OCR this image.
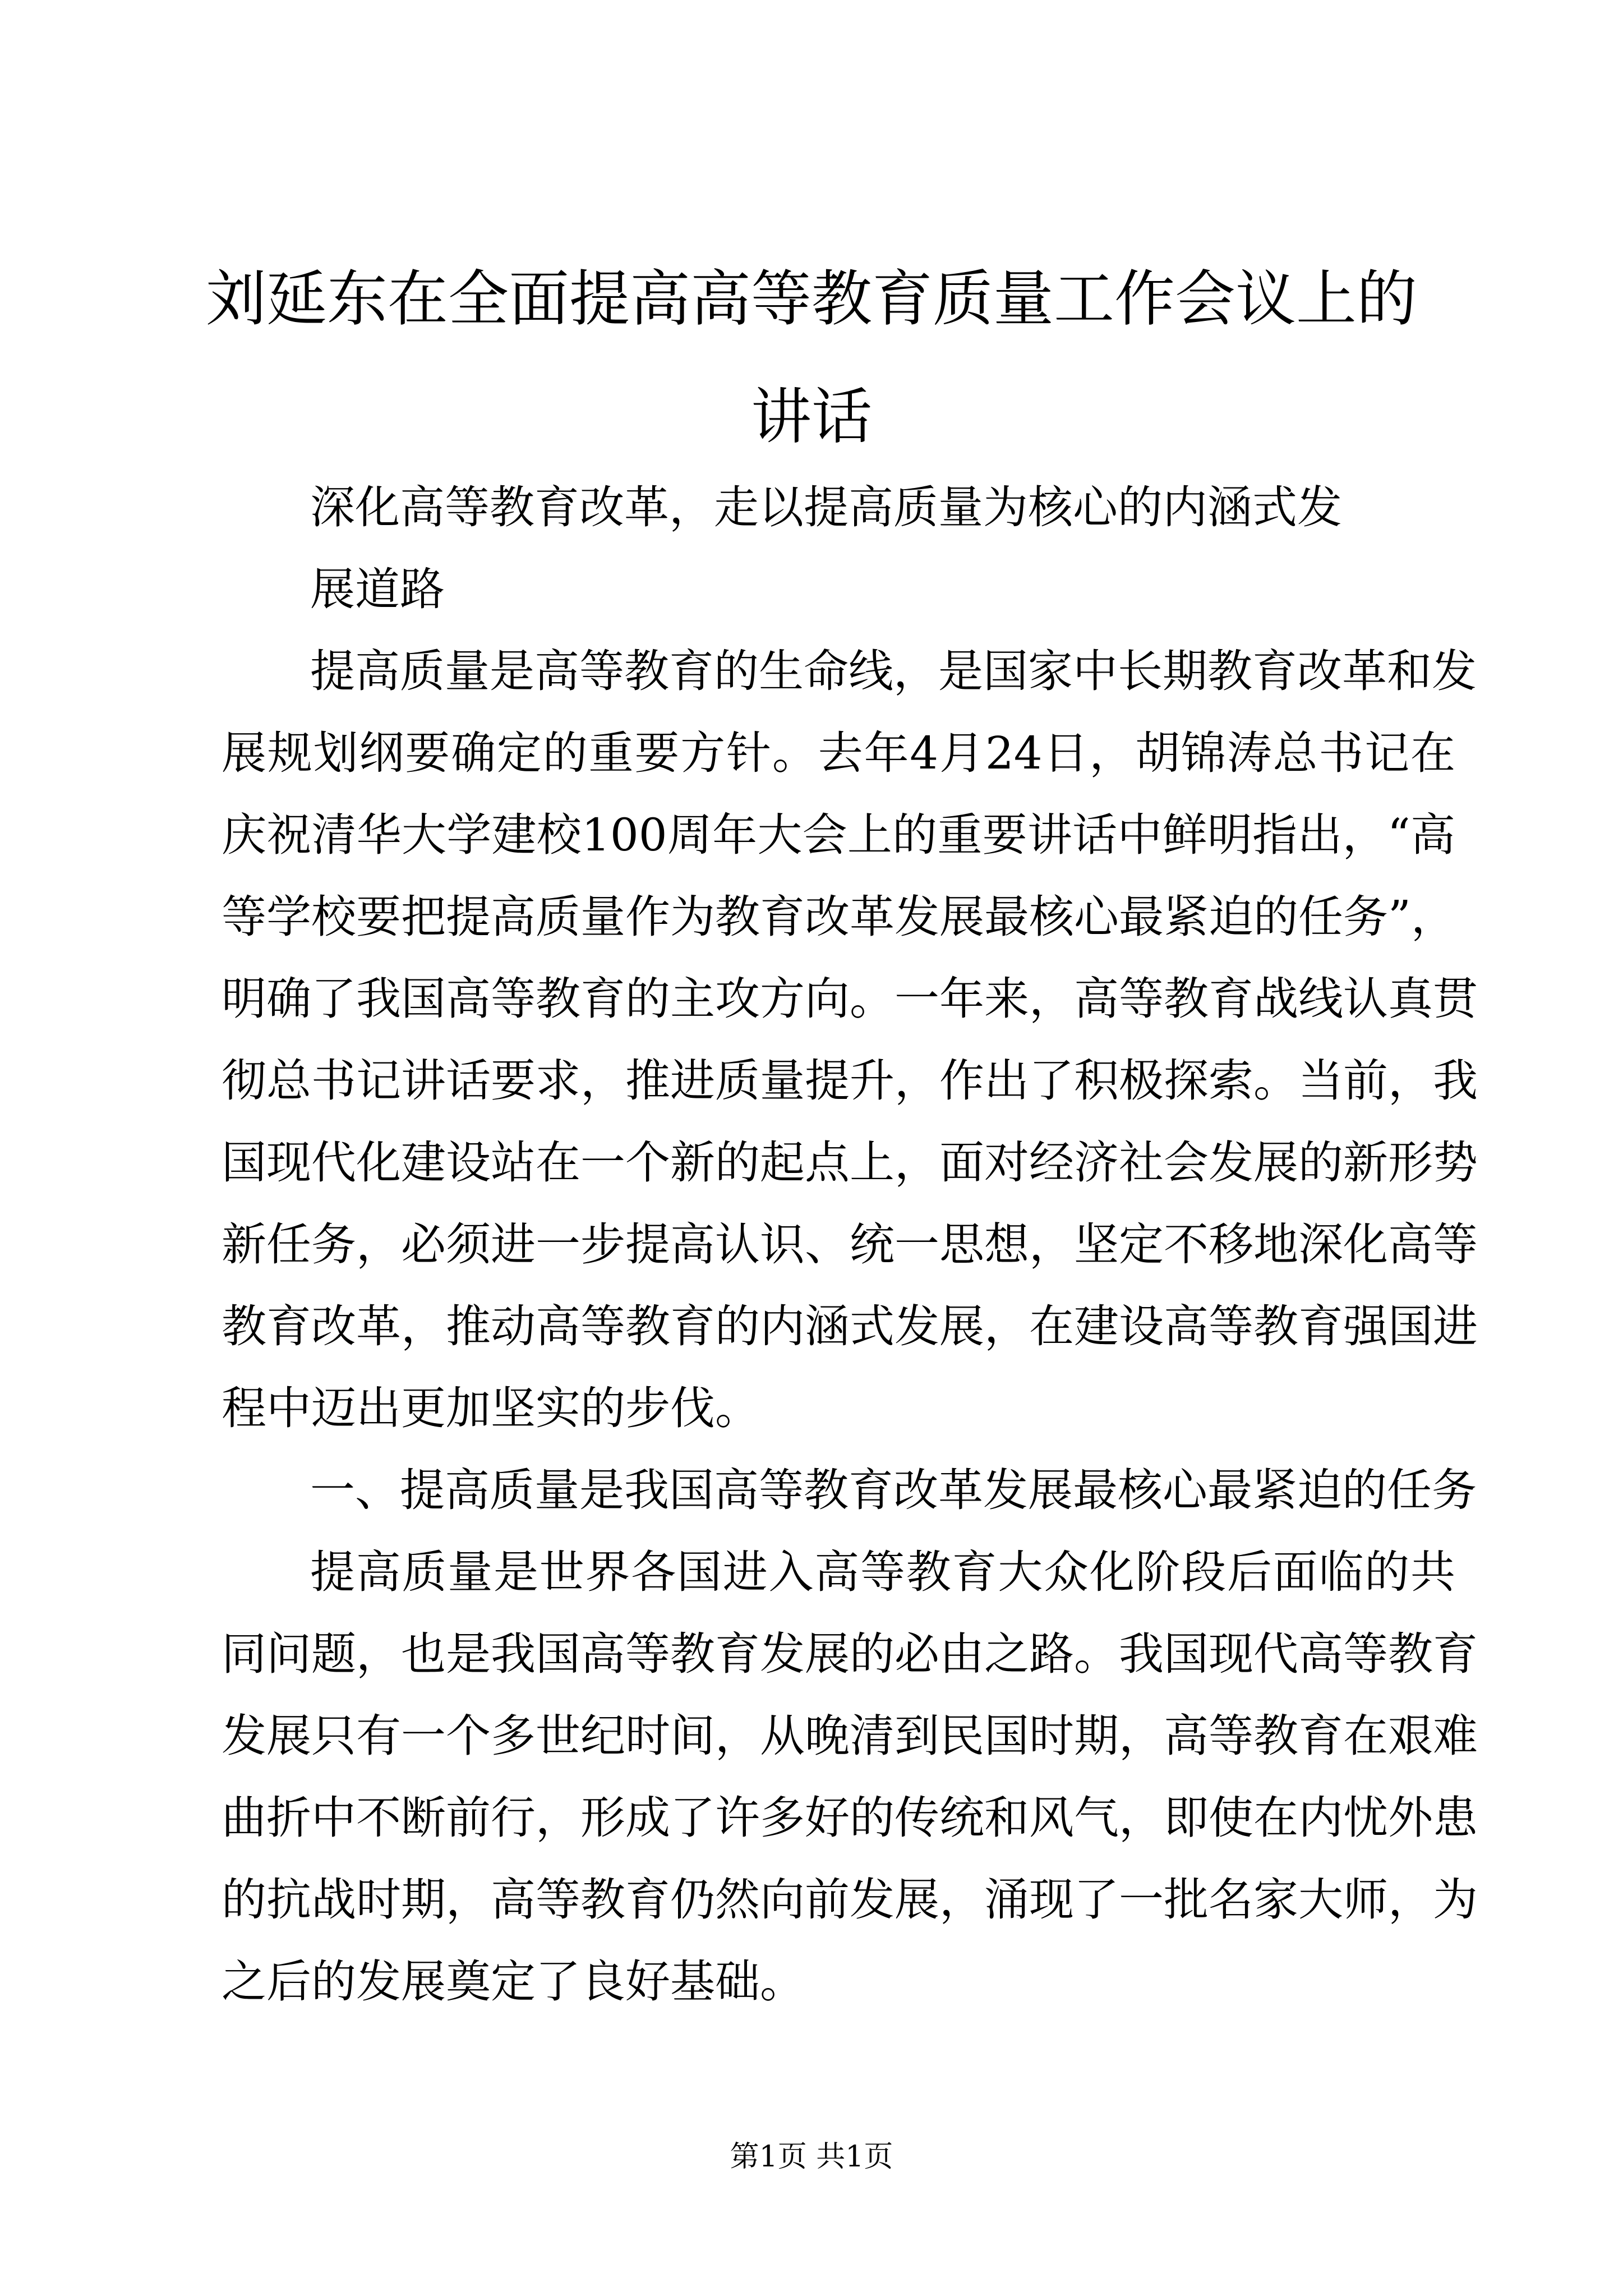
刘延东在全面提高高等教育质量工作会议上的
讲话
深化高等教育改革，走以提高质量为核心的内涵式发
展道路
提高质量是高等教育的生命线，是国家中长期教育改革和发
展规划纲要确定的重要方针。去年4月24日，胡锦涛总书记在
庆祝清华大学建校100周年大会上的重要讲话中鲜明指出，“高
等学校要把提高质量作为教育改革发展最核心最紧迫的任务”，
明确了我国高等教育的主攻方向。一年来，高等教育战线认真贯
彻总书记讲话要求，推进质量提升，作出了积极探索。当前，我
国现代化建设站在一个新的起点上，面对经济社会发展的新形势
新任务，必须进一步提高认识、统一思想，坚定不移地深化高等
教育改革，推动高等教育的内涵式发展，在建设高等教育强国进
程中迈出更加坚实的步伐。
一、提高质量是我国高等教育改革发展最核心最紧迫的任务
提高质量是世界各国进入高等教育大众化阶段后面临的共
同问题，也是我国高等教育发展的必由之路。我国现代高等教育
发展只有一个多世纪时间，从晚清到民国时期，高等教育在艰难
曲折中不断前行，形成了许多好的传统和风气，即使在内忧外患
的抗战时期，高等教育仍然向前发展，涌现了一批名家大师，为
之后的发展奠定了良好基础。
第1页 共1页
